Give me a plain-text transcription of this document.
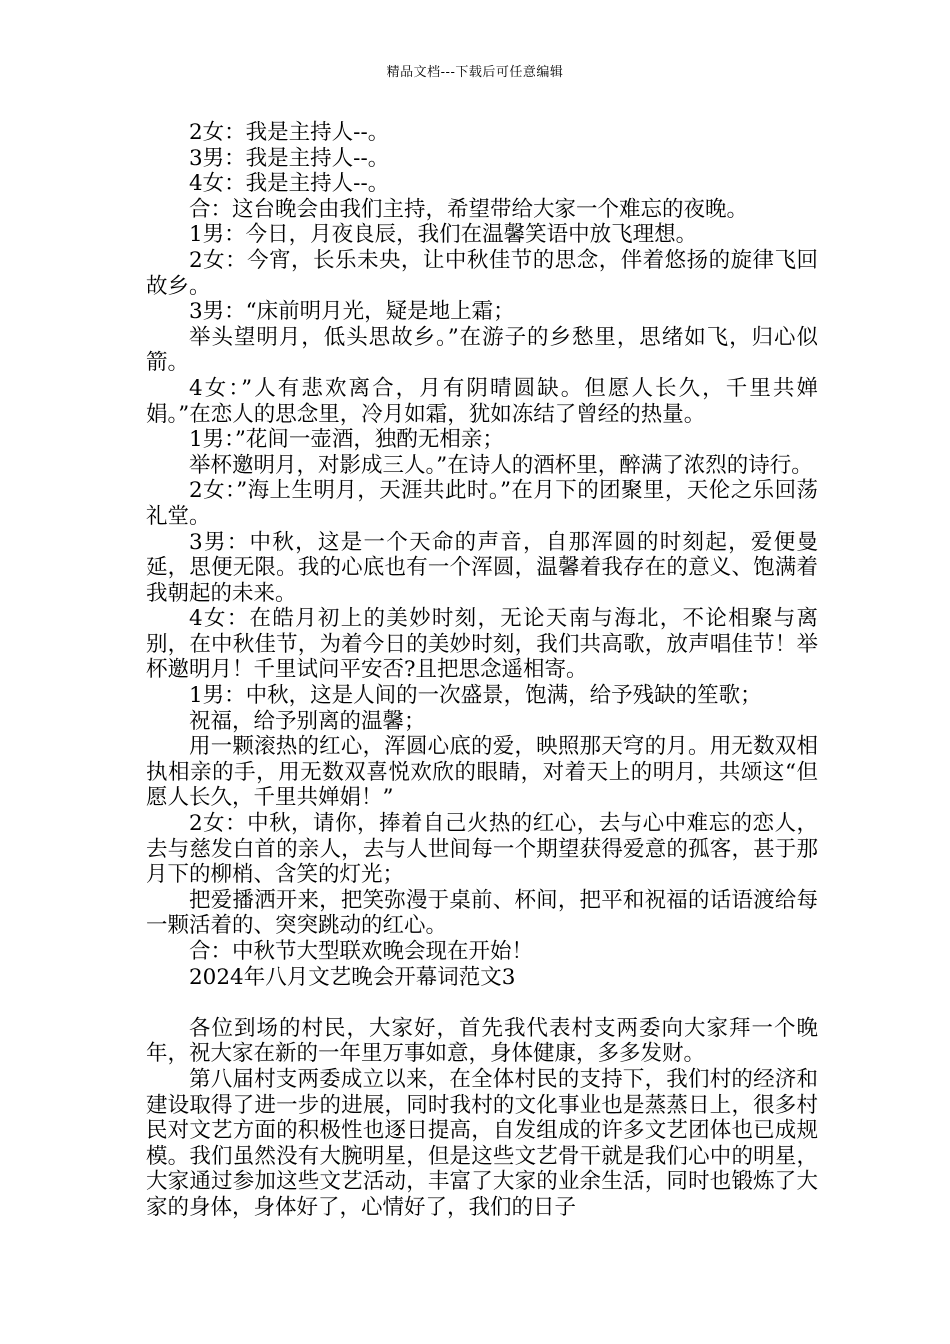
精品文档---下载后可任意编辑

2女：我是主持人--。

3男：我是主持人--。

4女：我是主持人--。

合：这台晚会由我们主持，希望带给大家一个难忘的夜晚。

1男：今日，月夜良辰，我们在温馨笑语中放飞理想。

2女：今宵，长乐未央，让中秋佳节的思念，伴着悠扬的旋律飞回故乡。

3男：“床前明月光，疑是地上霜；

举头望明月，低头思故乡。”在游子的乡愁里，思绪如飞，归心似箭。

4女：”人有悲欢离合，月有阴晴圆缺。但愿人长久，千里共婵娟。”在恋人的思念里，冷月如霜，犹如冻结了曾经的热量。

1男：”花间一壶酒，独酌无相亲；

举杯邀明月，对影成三人。”在诗人的酒杯里，醉满了浓烈的诗行。

2女：”海上生明月，天涯共此时。”在月下的团聚里，天伦之乐回荡礼堂。

3男：中秋，这是一个天命的声音，自那浑圆的时刻起，爱便曼延，思便无限。我的心底也有一个浑圆，温馨着我存在的意义、饱满着我朝起的未来。

4女：在皓月初上的美妙时刻，无论天南与海北，不论相聚与离别，在中秋佳节，为着今日的美妙时刻，我们共高歌，放声唱佳节！举杯邀明月！千里试问平安否?且把思念遥相寄。

1男：中秋，这是人间的一次盛景，饱满，给予残缺的笙歌；

祝福，给予别离的温馨；

用一颗滚热的红心，浑圆心底的爱，映照那天穹的月。用无数双相执相亲的手，用无数双喜悦欢欣的眼睛，对着天上的明月，共颂这“但愿人长久，千里共婵娟！”

2女：中秋，请你，捧着自己火热的红心，去与心中难忘的恋人，去与慈发白首的亲人，去与人世间每一个期望获得爱意的孤客，甚于那月下的柳梢、含笑的灯光；

把爱播洒开来，把笑弥漫于桌前、杯间，把平和祝福的话语渡给每一颗活着的、突突跳动的红心。

合：中秋节大型联欢晚会现在开始！

2024年八月文艺晚会开幕词范文3

各位到场的村民，大家好，首先我代表村支两委向大家拜一个晚年，祝大家在新的一年里万事如意，身体健康，多多发财。

第八届村支两委成立以来，在全体村民的支持下，我们村的经济和建设取得了进一步的进展，同时我村的文化事业也是蒸蒸日上，很多村民对文艺方面的积极性也逐日提高，自发组成的许多文艺团体也已成规模。我们虽然没有大腕明星，但是这些文艺骨干就是我们心中的明星，大家通过参加这些文艺活动，丰富了大家的业余生活，同时也锻炼了大家的身体，身体好了，心情好了，我们的日子
